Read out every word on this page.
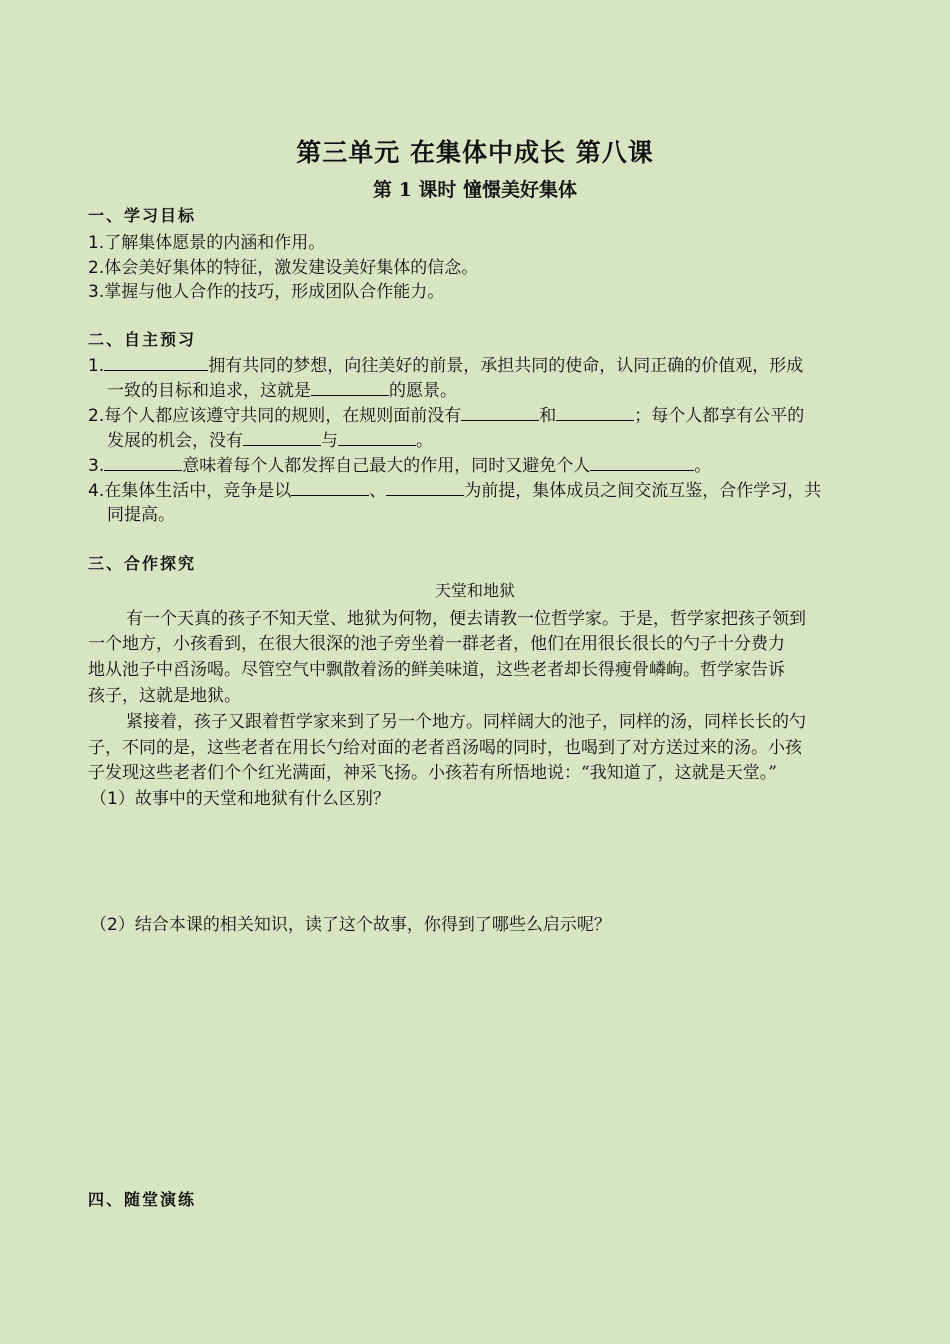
第三单元 在集体中成长 第八课
第 1 课时 憧憬美好集体
一、学习目标
1.了解集体愿景的内涵和作用。
2.体会美好集体的特征，激发建设美好集体的信念。
3.掌握与他人合作的技巧，形成团队合作能力。
二、自主预习
1.	拥有共同的梦想，向往美好的前景，承担共同的使命，认同正确的价值观，形成
一致的目标和追求，这就是	的愿景。
2.每个人都应该遵守共同的规则，在规则面前没有	和	；每个人都享有公平的
发展的机会，没有	与	。
3.	意味着每个人都发挥自己最大的作用，同时又避免个人	。
4.在集体生活中，竞争是以	、	为前提，集体成员之间交流互鉴，合作学习，共
同提高。
三、合作探究
天堂和地狱
有一个天真的孩子不知天堂、地狱为何物，便去请教一位哲学家。于是，哲学家把孩子领到
一个地方，小孩看到，在很大很深的池子旁坐着一群老者，他们在用很长很长的勺子十分费力
地从池子中舀汤喝。尽管空气中飘散着汤的鲜美味道，这些老者却长得瘦骨嶙峋。哲学家告诉
孩子，这就是地狱。
紧接着，孩子又跟着哲学家来到了另一个地方。同样阔大的池子，同样的汤，同样长长的勺
子，不同的是，这些老者在用长勺给对面的老者舀汤喝的同时，也喝到了对方送过来的汤。小孩
子发现这些老者们个个红光满面，神采飞扬。小孩若有所悟地说：“我知道了，这就是天堂。”
（1）故事中的天堂和地狱有什么区别？
（2）结合本课的相关知识，读了这个故事，你得到了哪些么启示呢？
四、随堂演练
